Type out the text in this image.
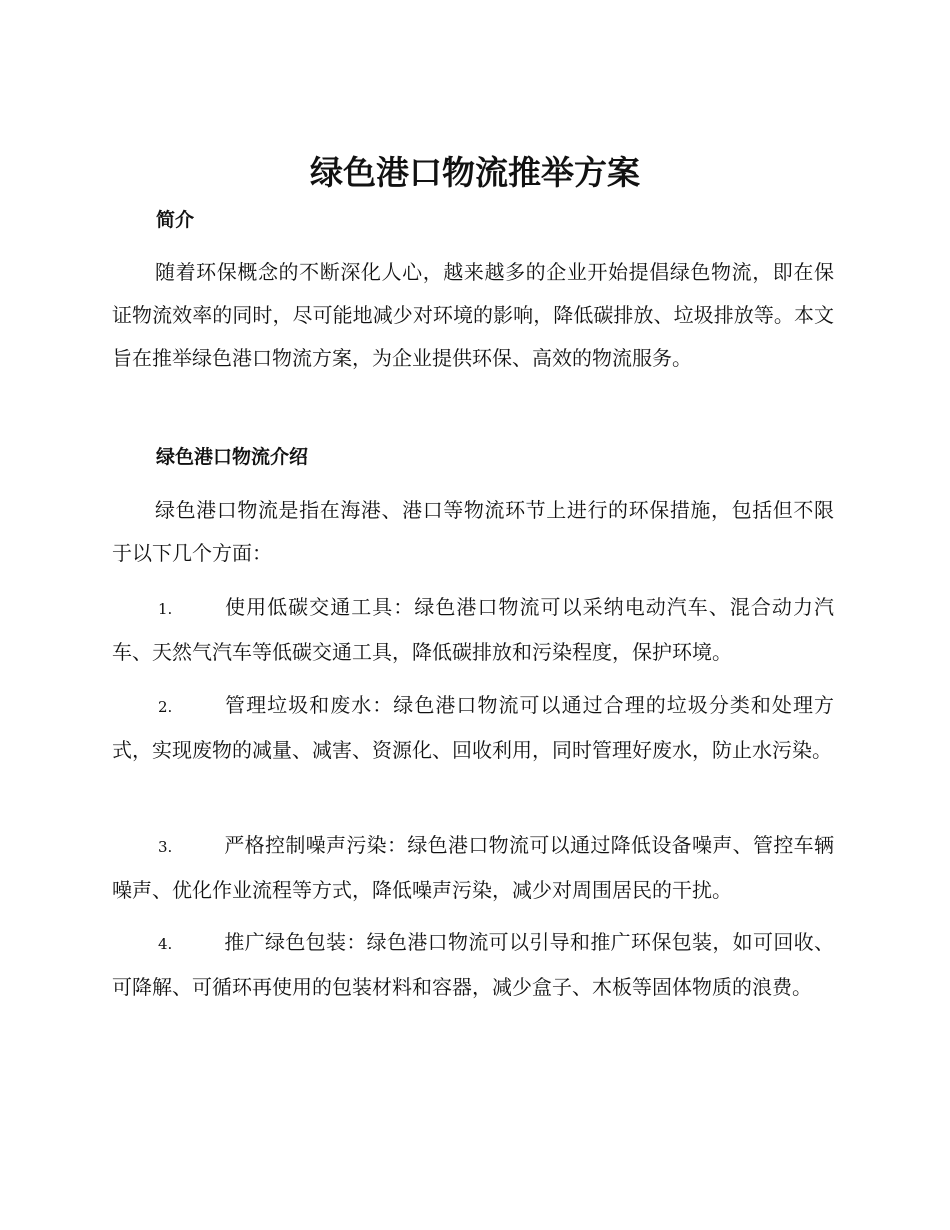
绿色港口物流推举方案
简介

随着环保概念的不断深化人心，越来越多的企业开始提倡绿色物流，即在保证物流效率的同时，尽可能地减少对环境的影响，降低碳排放、垃圾排放等。本文旨在推举绿色港口物流方案，为企业提供环保、高效的物流服务。

绿色港口物流介绍

绿色港口物流是指在海港、港口等物流环节上进行的环保措施，包括但不限于以下几个方面：

1.	使用低碳交通工具：绿色港口物流可以采纳电动汽车、混合动力汽车、天然气汽车等低碳交通工具，降低碳排放和污染程度，保护环境。

2.	管理垃圾和废水：绿色港口物流可以通过合理的垃圾分类和处理方式，实现废物的减量、减害、资源化、回收利用，同时管理好废水，防止水污染。

3.	严格控制噪声污染：绿色港口物流可以通过降低设备噪声、管控车辆噪声、优化作业流程等方式，降低噪声污染，减少对周围居民的干扰。

4.	推广绿色包装：绿色港口物流可以引导和推广环保包装，如可回收、可降解、可循环再使用的包装材料和容器，减少盒子、木板等固体物质的浪费。
